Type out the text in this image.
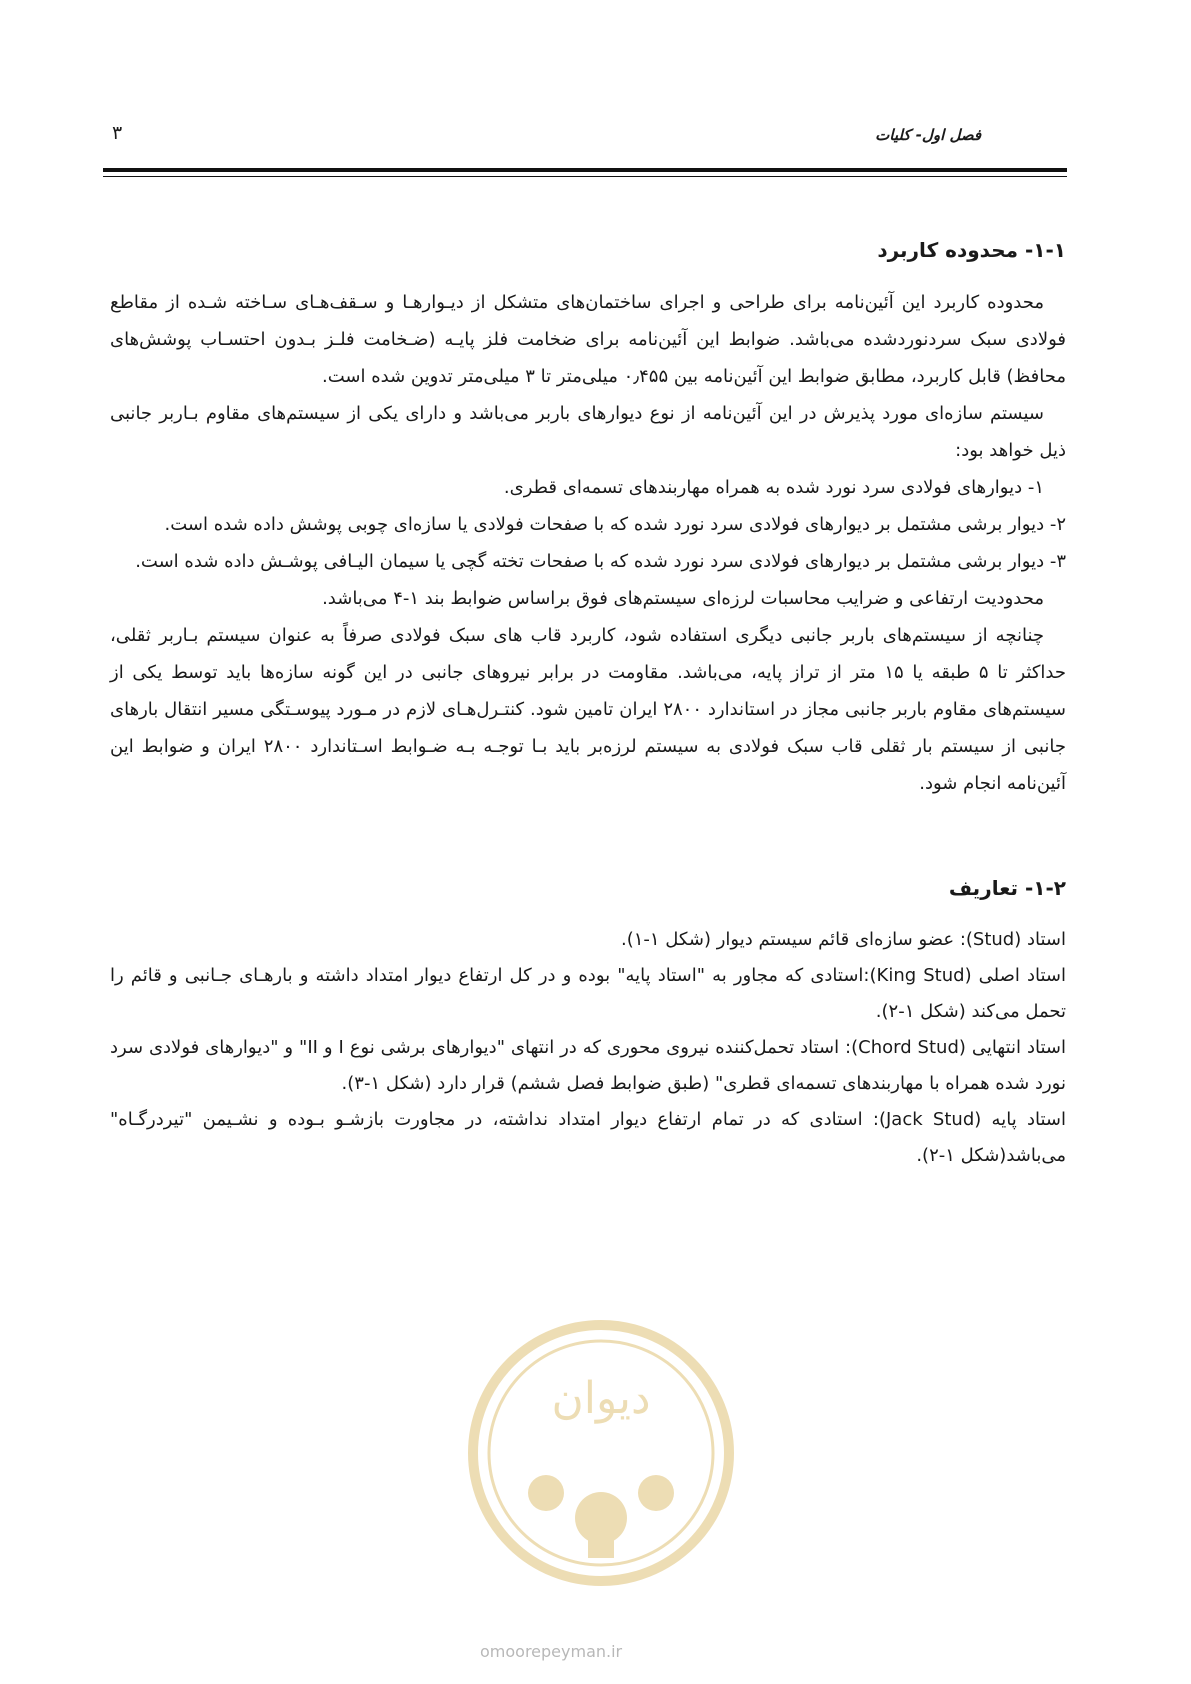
فصل اول- کلیات
۳
۱-۱- محدوده کاربرد

محدوده کاربرد این آئین‌نامه برای طراحی و اجرای ساختمان‌های متشکل از دیـوارهـا و سـقف‌هـای سـاخته شـده از مقاطع فولادی سبک سردنوردشده می‌باشد. ضوابط این آئین‌نامه برای ضخامت فلز پایـه (ضـخامت فلـز بـدون احتسـاب پوشش‌های محافظ) قابل کاربرد، مطابق ضوابط این آئین‌نامه بین ۰٫۴۵۵ میلی‌متر تا ۳ میلی‌متر تدوین شده است.

سیستم سازه‌ای مورد پذیرش در این آئین‌نامه از نوع دیوارهای باربر می‌باشد و دارای یکی از سیستم‌های مقاوم بـاربر جانبی ذیل خواهد بود:

۱- دیوارهای فولادی سرد نورد شده به همراه مهاربندهای تسمه‌ای قطری.

۲- دیوار برشی مشتمل بر دیوارهای فولادی سرد نورد شده که با صفحات فولادی یا سازه‌ای چوبی پوشش داده شده است.

۳- دیوار برشی مشتمل بر دیوارهای فولادی سرد نورد شده که با صفحات تخته گچی یا سیمان الیـافی پوشـش داده شده است.

محدودیت ارتفاعی و ضرایب محاسبات لرزه‌ای سیستم‌های فوق براساس ضوابط بند ۱-۴ می‌باشد.

چنانچه از سیستم‌های باربر جانبی دیگری استفاده شود، کاربرد قاب های سبک فولادی صرفاً به عنوان سیستم بـاربر ثقلی، حداکثر تا ۵ طبقه یا ۱۵ متر از تراز پایه، می‌باشد. مقاومت در برابر نیروهای جانبی در این گونه سازه‌ها باید توسط یکی از سیستم‌های مقاوم باربر جانبی مجاز در استاندارد ۲۸۰۰ ایران تامین شود. کنتـرل‌هـای لازم در مـورد پیوسـتگی مسیر انتقال بارهای جانبی از سیستم بار ثقلی قاب سبک فولادی به سیستم لرزه‌بر باید بـا توجـه بـه ضـوابط اسـتاندارد ۲۸۰۰ ایران و ضوابط این آئین‌نامه انجام شود.

۱-۲- تعاریف

استاد (Stud): عضو سازه‌ای قائم سیستم دیوار (شکل ۱-۱).

استاد اصلی (King Stud):استادی که مجاور به "استاد پایه" بوده و در کل ارتفاع دیوار امتداد داشته و بارهـای جـانبی و قائم را تحمل می‌کند (شکل ۱-۲).

استاد انتهایی (Chord Stud): استاد تحمل‌کننده نیروی محوری که در انتهای "دیوارهای برشی نوع I و II" و "دیوارهای فولادی سرد نورد شده همراه با مهاربندهای تسمه‌ای قطری" (طبق ضوابط فصل ششم) قرار دارد (شکل ۱-۳).

استاد پایه (Jack Stud): استادی که در تمام ارتفاع دیوار امتداد نداشته، در مجاورت بازشـو بـوده و نشـیمن "تیردرگـاه" می‌باشد(شکل ۱-۲).

دیوان
omoorepeyman.ir
